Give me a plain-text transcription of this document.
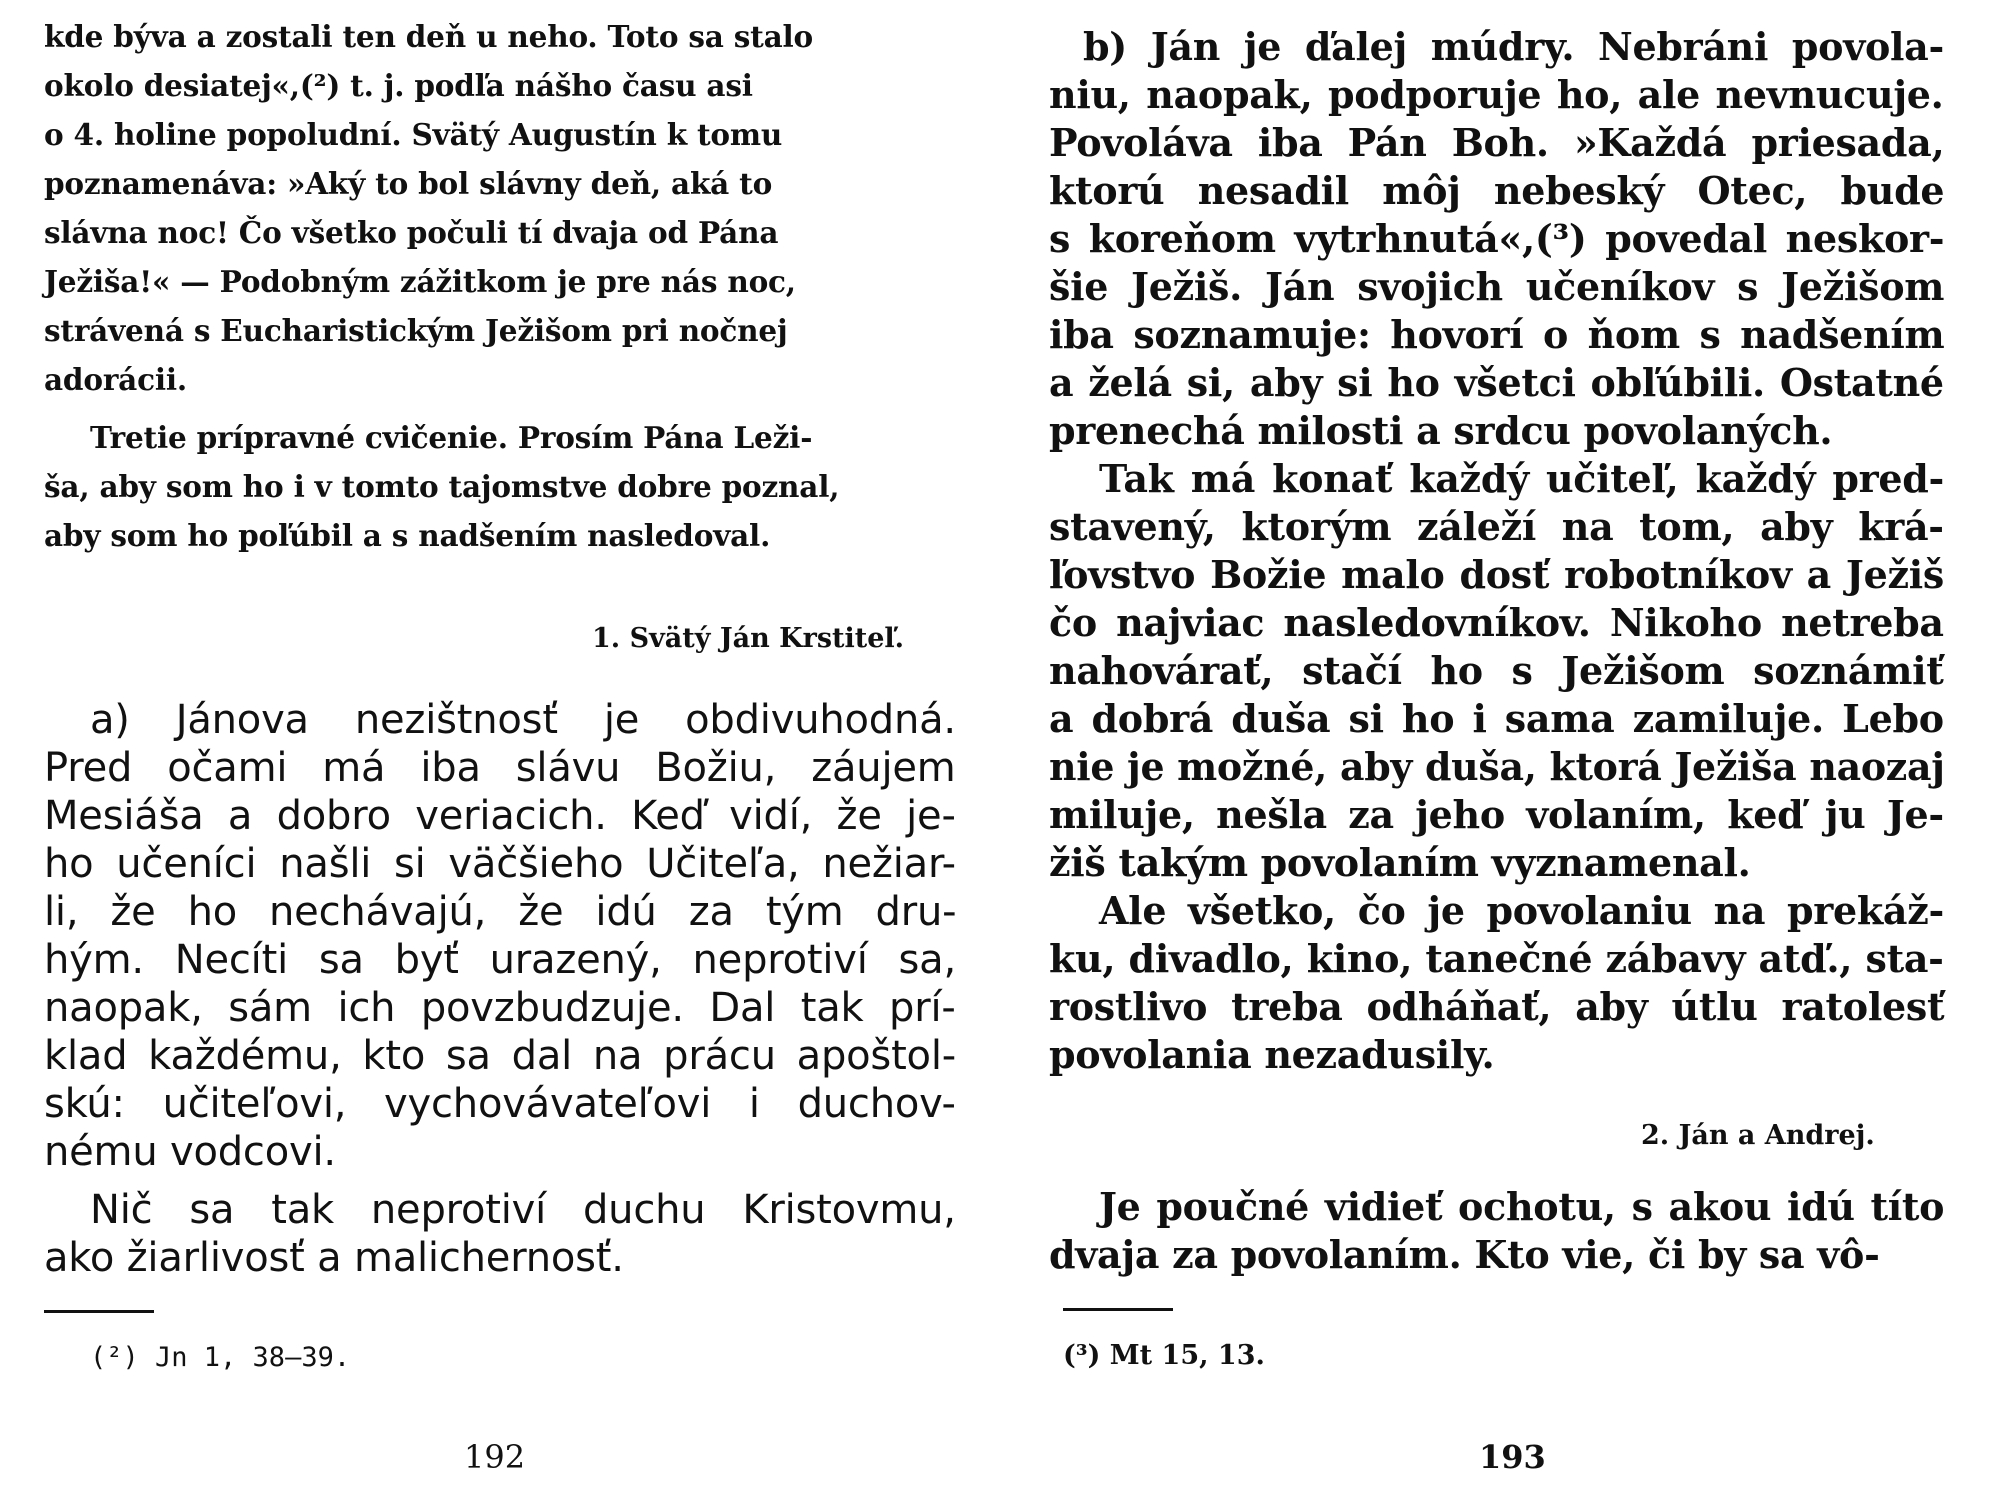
kde býva a zostali ten deň u neho. Toto sa stalo

okolo desiatej«,(²) t. j. podľa nášho času asi

o 4. holine popoludní. Svätý Augustín k tomu

poznamenáva: »Aký to bol slávny deň, aká to

slávna noc! Čo všetko počuli tí dvaja od Pána

Ježiša!« — Podobným zážitkom je pre nás noc,

strávená s Eucharistickým Ježišom pri nočnej

adorácii.

Tretie prípravné cvičenie. Prosím Pána Leži-

ša, aby som ho i v tomto tajomstve dobre poznal,

aby som ho poľúbil a s nadšením nasledoval.

1. Svätý Ján Krstiteľ.

a) Jánova nezištnosť je obdivuhodná.

Pred očami má iba slávu Božiu, záujem

Mesiáša a dobro veriacich. Keď vidí, že je-

ho učeníci našli si väčšieho Učiteľa, nežiar-

li, že ho nechávajú, že idú za tým dru-

hým. Necíti sa byť urazený, neprotiví sa,

naopak, sám ich povzbudzuje. Dal tak prí-

klad každému, kto sa dal na prácu apoštol-

skú: učiteľovi, vychovávateľovi i duchov-

nému vodcovi.

Nič sa tak neprotiví duchu Kristovmu,

ako žiarlivosť a malichernosť.

(²) Jn 1, 38—39.
192

b) Ján je ďalej múdry. Nebráni povola-

niu, naopak, podporuje ho, ale nevnucuje.

Povoláva iba Pán Boh. »Každá priesada,

ktorú nesadil môj nebeský Otec, bude

s koreňom vytrhnutá«,(³) povedal neskor-

šie Ježiš. Ján svojich učeníkov s Ježišom

iba soznamuje: hovorí o ňom s nadšením

a želá si, aby si ho všetci obľúbili. Ostatné

prenechá milosti a srdcu povolaných.

Tak má konať každý učiteľ, každý pred-

stavený, ktorým záleží na tom, aby krá-

ľovstvo Božie malo dosť robotníkov a Ježiš

čo najviac nasledovníkov. Nikoho netreba

nahovárať, stačí ho s Ježišom soznámiť

a dobrá duša si ho i sama zamiluje. Lebo

nie je možné, aby duša, ktorá Ježiša naozaj

miluje, nešla za jeho volaním, keď ju Je-

žiš takým povolaním vyznamenal.

Ale všetko, čo je povolaniu na prekáž-

ku, divadlo, kino, tanečné zábavy atď., sta-

rostlivo treba odháňať, aby útlu ratolesť

povolania nezadusily.

2. Ján a Andrej.

Je poučné vidieť ochotu, s akou idú títo

dvaja za povolaním. Kto vie, či by sa vô-

(³) Mt 15, 13.
193
